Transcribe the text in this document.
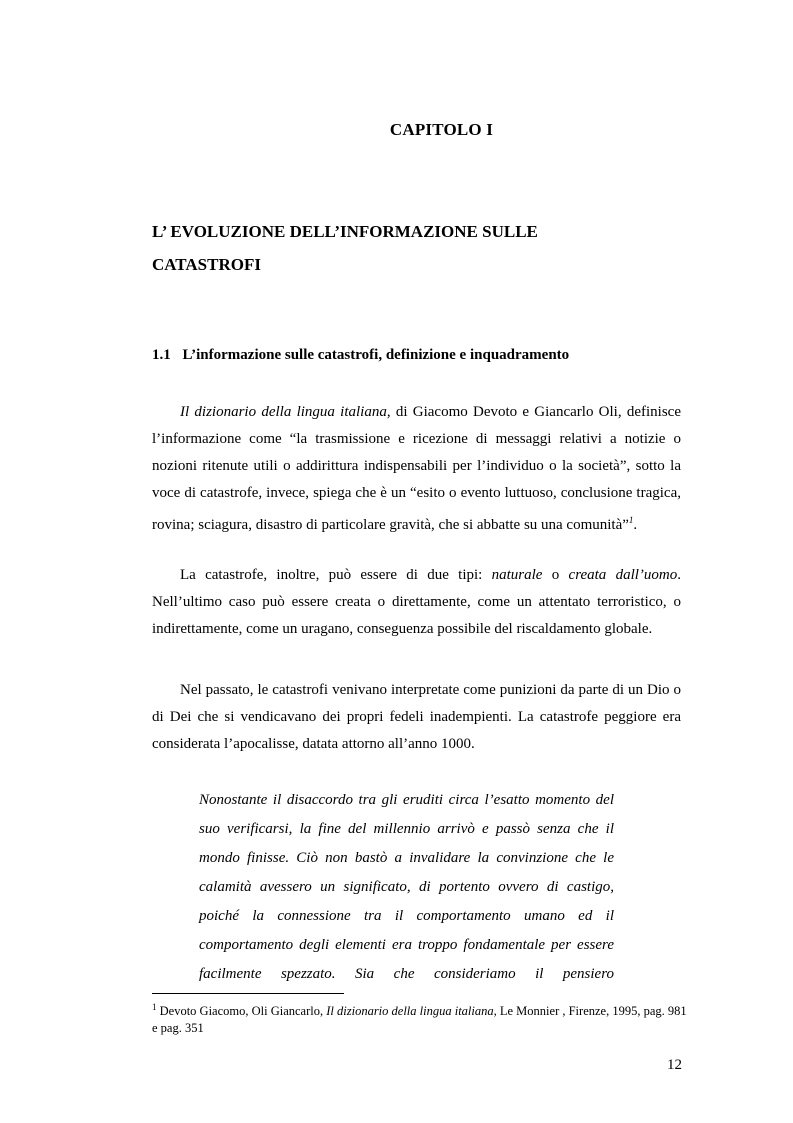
CAPITOLO I
L’ EVOLUZIONE DELL’INFORMAZIONE SULLE
CATASTROFI
1.1 L’informazione sulle catastrofi, definizione e inquadramento

Il dizionario della lingua italiana, di Giacomo Devoto e Giancarlo Oli, definisce l’informazione come “la trasmissione e ricezione di messaggi relativi a notizie o nozioni ritenute utili o addirittura indispensabili per l’individuo o la società”, sotto la voce di catastrofe, invece, spiega che è un “esito o evento luttuoso, conclusione tragica, rovina; sciagura, disastro di particolare gravità, che si abbatte su una comunità”$^1$.

La catastrofe, inoltre, può essere di due tipi: naturale o creata dall’uomo. Nell’ultimo caso può essere creata o direttamente, come un attentato terroristico, o indirettamente, come un uragano, conseguenza possibile del riscaldamento globale.

Nel passato, le catastrofi venivano interpretate come punizioni da parte di un Dio o di Dei che si vendicavano dei propri fedeli inadempienti. La catastrofe peggiore era considerata l’apocalisse, datata attorno all’anno 1000.

Nonostante il disaccordo tra gli eruditi circa l’esatto momento del suo verificarsi, la fine del millennio arrivò e passò senza che il mondo finisse. Ciò non bastò a invalidare la convinzione che le calamità avessero un significato, di portento ovvero di castigo, poiché la connessione tra il comportamento umano ed il comportamento degli elementi era troppo fondamentale per essere facilmente spezzato. Sia che consideriamo il pensiero
$^1$ Devoto Giacomo, Oli Giancarlo, Il dizionario della lingua italiana, Le Monnier , Firenze, 1995, pag. 981 e pag. 351
12
